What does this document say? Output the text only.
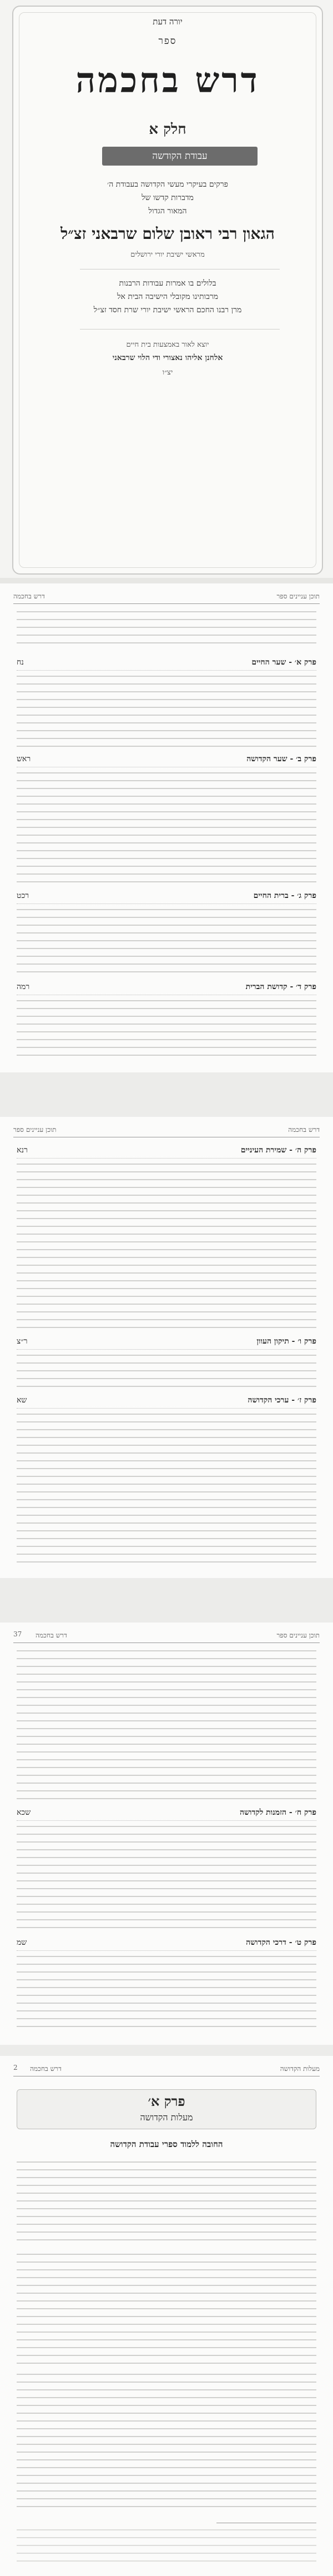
יורה דעת
ספר
דרש בחכמה
חלק א
עבודת הקודשה
פרקים בעיקרי מעשי הקדושה בעבודת ה׳
מדברות קדשו של
המאור הגדול
הגאון רבי ראובן שלום שרבאני זצ״ל
מראשי ישיבת יורי ירושלים
בלולים בו אמרות עבודות הרבנות
מרבותינו מקובלי הישיבה הבית אל
מרן רבנו החכם הראשי ישיבת יורי שרת חסד זצ״ל
יוצא לאור באמצעות בית חיים
אלחנן אליהו נאצורי ודי הלוי שרבאני
יצ״ו
תוכן עניינים ספר
דרש בחכמה
פרק א׳ - שער החיים
נח
פרק ב׳ - שער הקדושה
ראש
פרק ג׳ - ברית החיים
רכט
פרק ד׳ - קדושת הברית
רמה
דרש בחכמה
תוכן עניינים ספר
פרק ה׳ - שמירת העיניים
רנא
פרק ו׳ - תיקון העוון
ר״צ
פרק ז׳ - ערכי הקדושה
שא
תוכן עניינים ספר
דרש בחכמה
37
פרק ח׳ - הזמנות לקדושה
שכא
פרק ט׳ - דרכי הקדושה
שמ
מעלות הקדושה
דרש בחכמה
2
פרק א׳
מעלות הקדושה
החובה ללמוד ספרי עבודת הקדושה
